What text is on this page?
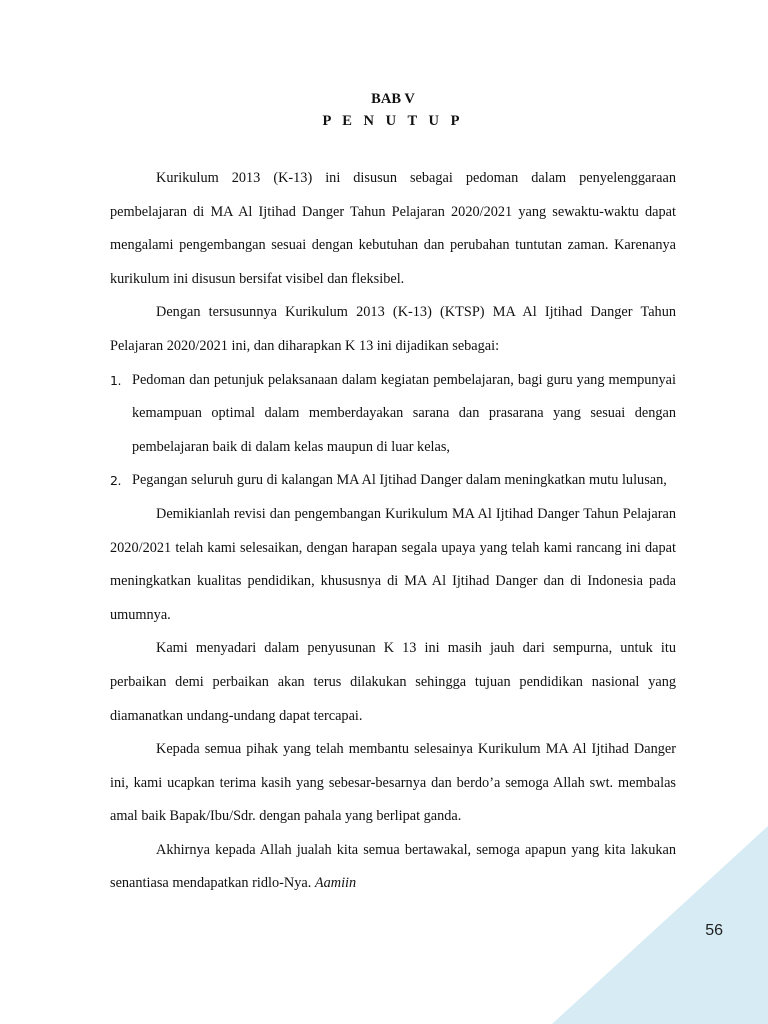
BAB V
P E N U T U P

Kurikulum 2013 (K-13) ini disusun sebagai pedoman dalam penyelenggaraan pembelajaran di MA Al Ijtihad Danger Tahun Pelajaran 2020/2021 yang sewaktu-waktu dapat mengalami pengembangan sesuai dengan kebutuhan dan perubahan tuntutan zaman. Karenanya kurikulum ini disusun bersifat visibel dan fleksibel.

Dengan tersusunnya Kurikulum 2013 (K-13) (KTSP) MA Al Ijtihad Danger Tahun Pelajaran 2020/2021 ini, dan diharapkan K 13 ini dijadikan sebagai:

1. Pedoman dan petunjuk pelaksanaan dalam kegiatan pembelajaran, bagi guru yang mempunyai kemampuan optimal dalam memberdayakan sarana dan prasarana yang sesuai dengan pembelajaran baik di dalam kelas maupun di luar kelas,
2. Pegangan seluruh guru di kalangan MA Al Ijtihad Danger dalam meningkatkan mutu lulusan,

Demikianlah revisi dan pengembangan Kurikulum MA Al Ijtihad Danger Tahun Pelajaran 2020/2021 telah kami selesaikan, dengan harapan segala upaya yang telah kami rancang ini dapat meningkatkan kualitas pendidikan, khususnya di MA Al Ijtihad Danger dan di Indonesia pada umumnya.

Kami menyadari dalam penyusunan K 13 ini masih jauh dari sempurna, untuk itu perbaikan demi perbaikan akan terus dilakukan sehingga tujuan pendidikan nasional yang diamanatkan undang-undang dapat tercapai.

Kepada semua pihak yang telah membantu selesainya Kurikulum MA Al Ijtihad Danger ini, kami ucapkan terima kasih yang sebesar-besarnya dan berdo’a semoga Allah swt. membalas amal baik Bapak/Ibu/Sdr. dengan pahala yang berlipat ganda.

Akhirnya kepada Allah jualah kita semua bertawakal, semoga apapun yang kita lakukan senantiasa mendapatkan ridlo-Nya. Aamiin

56
